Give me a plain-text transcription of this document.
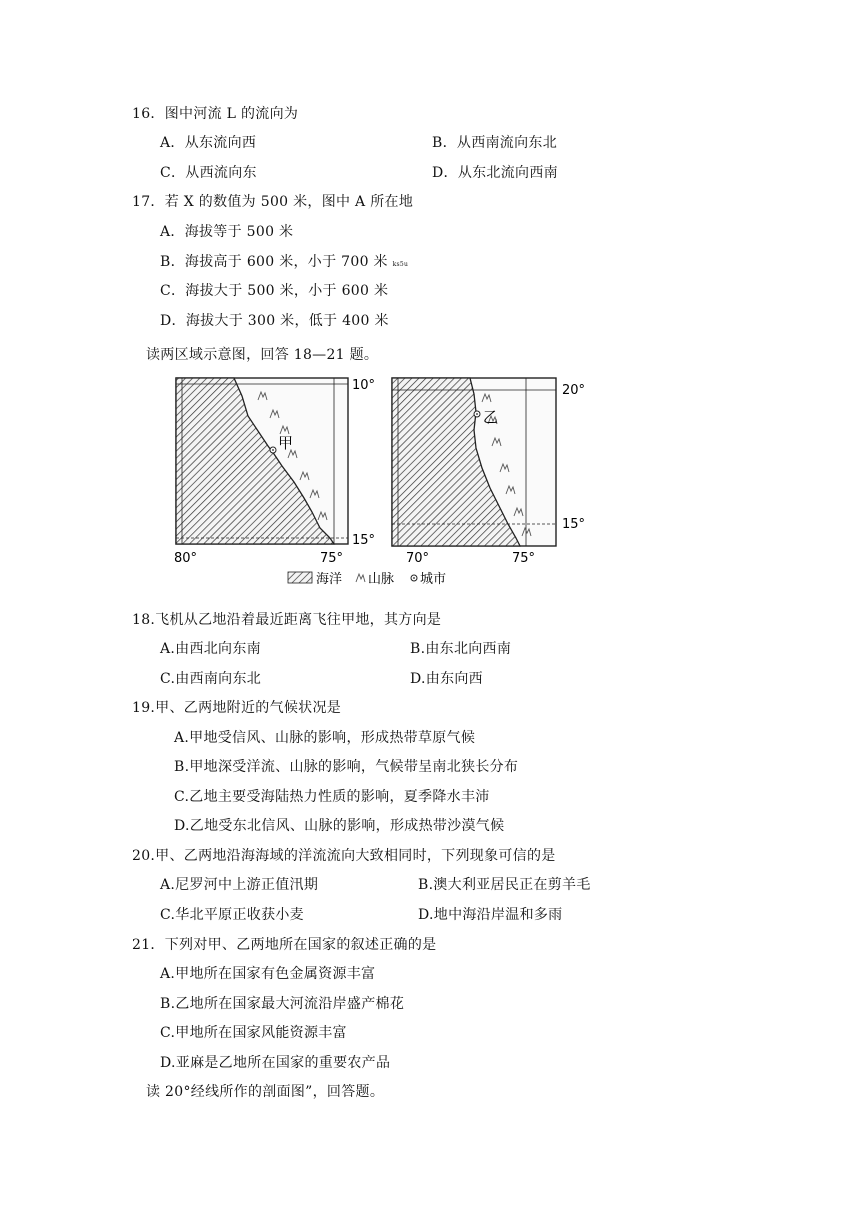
16．图中河流 L 的流向为
A．从东流向西	B．从西南流向东北
C．从西流向东	D．从东北流向西南
17．若 X 的数值为 500 米，图中 A 所在地
A．海拔等于 500 米
B．海拔高于 600 米，小于 700 米 ks5u
C．海拔大于 500 米，小于 600 米
D．海拔大于 300 米，低于 400 米
读两区域示意图，回答 18—21 题。
甲
10°
15°
80°	75°
乙
20°
15°
70°	75°
海洋 山脉 城市
18.飞机从乙地沿着最近距离飞往甲地，其方向是
A.由西北向东南	B.由东北向西南
C.由西南向东北	D.由东向西
19.甲、乙两地附近的气候状况是
A.甲地受信风、山脉的影响，形成热带草原气候
B.甲地深受洋流、山脉的影响，气候带呈南北狭长分布
C.乙地主要受海陆热力性质的影响，夏季降水丰沛
D.乙地受东北信风、山脉的影响，形成热带沙漠气候
20.甲、乙两地沿海海域的洋流流向大致相同时，下列现象可信的是
A.尼罗河中上游正值汛期	B.澳大利亚居民正在剪羊毛
C.华北平原正收获小麦	D.地中海沿岸温和多雨
21．下列对甲、乙两地所在国家的叙述正确的是
A.甲地所在国家有色金属资源丰富
B.乙地所在国家最大河流沿岸盛产棉花
C.甲地所在国家风能资源丰富
D.亚麻是乙地所在国家的重要农产品
读 20°经线所作的剖面图”，回答题。
